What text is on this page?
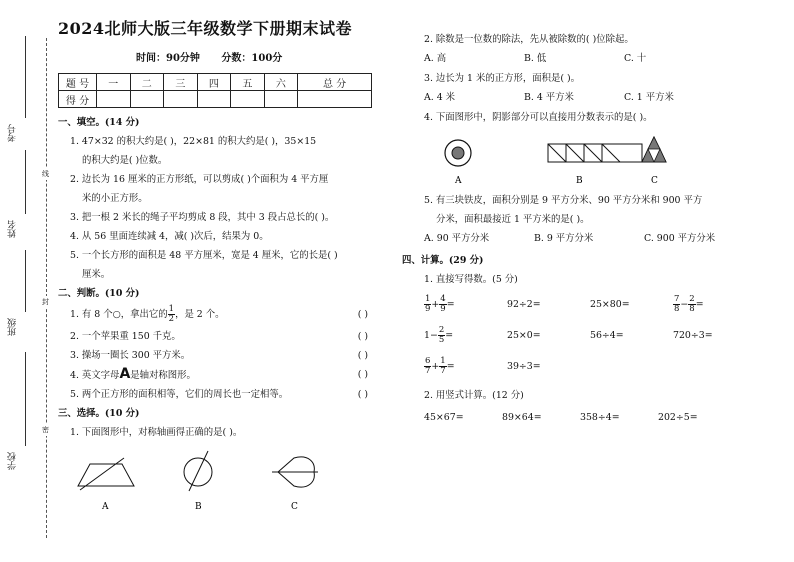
考号
姓名
班级
学校
线
封
密
2024北师大版三年级数学下册期末试卷
时间：90分钟 分数：100分
题 号	一	二	三	四	五	六	总 分
得 分							
一、填空。(14 分)
1. 47×32 的积大约是( )，22×81 的积大约是( )，35×15
的积大约是( )位数。
2. 边长为 16 厘米的正方形纸，可以剪成( )个面积为 4 平方厘
米的小正方形。
3. 把一根 2 米长的绳子平均剪成 8 段，其中 3 段占总长的( )。
4. 从 56 里面连续减 4，减( )次后，结果为 0。
5. 一个长方形的面积是 48 平方厘米，宽是 4 厘米，它的长是( )
厘米。
二、判断。(10 分)
1. 有 8 个○，拿出它的 $\frac{1}{2}$ ，是 2 个。	( )
2. 一个苹果重 150 千克。	( )
3. 操场一圈长 300 平方米。	( )
4. 英文字母A是轴对称图形。	( )
5. 两个正方形的面积相等，它们的周长也一定相等。	( )
三、选择。(10 分)
1. 下面图形中，对称轴画得正确的是( )。
A	B	C
2. 除数是一位数的除法，先从被除数的( )位除起。
A. 高	B. 低	C. 十
3. 边长为 1 米的正方形，面积是( )。
A. 4 米	B. 4 平方米	C. 1 平方米
4. 下面图形中，阴影部分可以直接用分数表示的是( )。
A	B	C
5. 有三块铁皮，面积分别是 9 平方分米、90 平方分米和 900 平方
分米，面积最接近 1 平方米的是( )。
A. 90 平方分米	B. 9 平方分米	C. 900 平方分米
四、计算。(29 分)
1. 直接写得数。(5 分)
$\frac{1}{9} + \frac{4}{9}$ =	92÷2=	25×80=	$\frac{7}{8} - \frac{2}{8}$ =
$1- \frac{2}{5}$ =	25×0=	56÷4=	720÷3=
$\frac{6}{7} + \frac{1}{7}$ =	39÷3=
2. 用竖式计算。(12 分)
45×67=	89×64=	358÷4=	202÷5=
